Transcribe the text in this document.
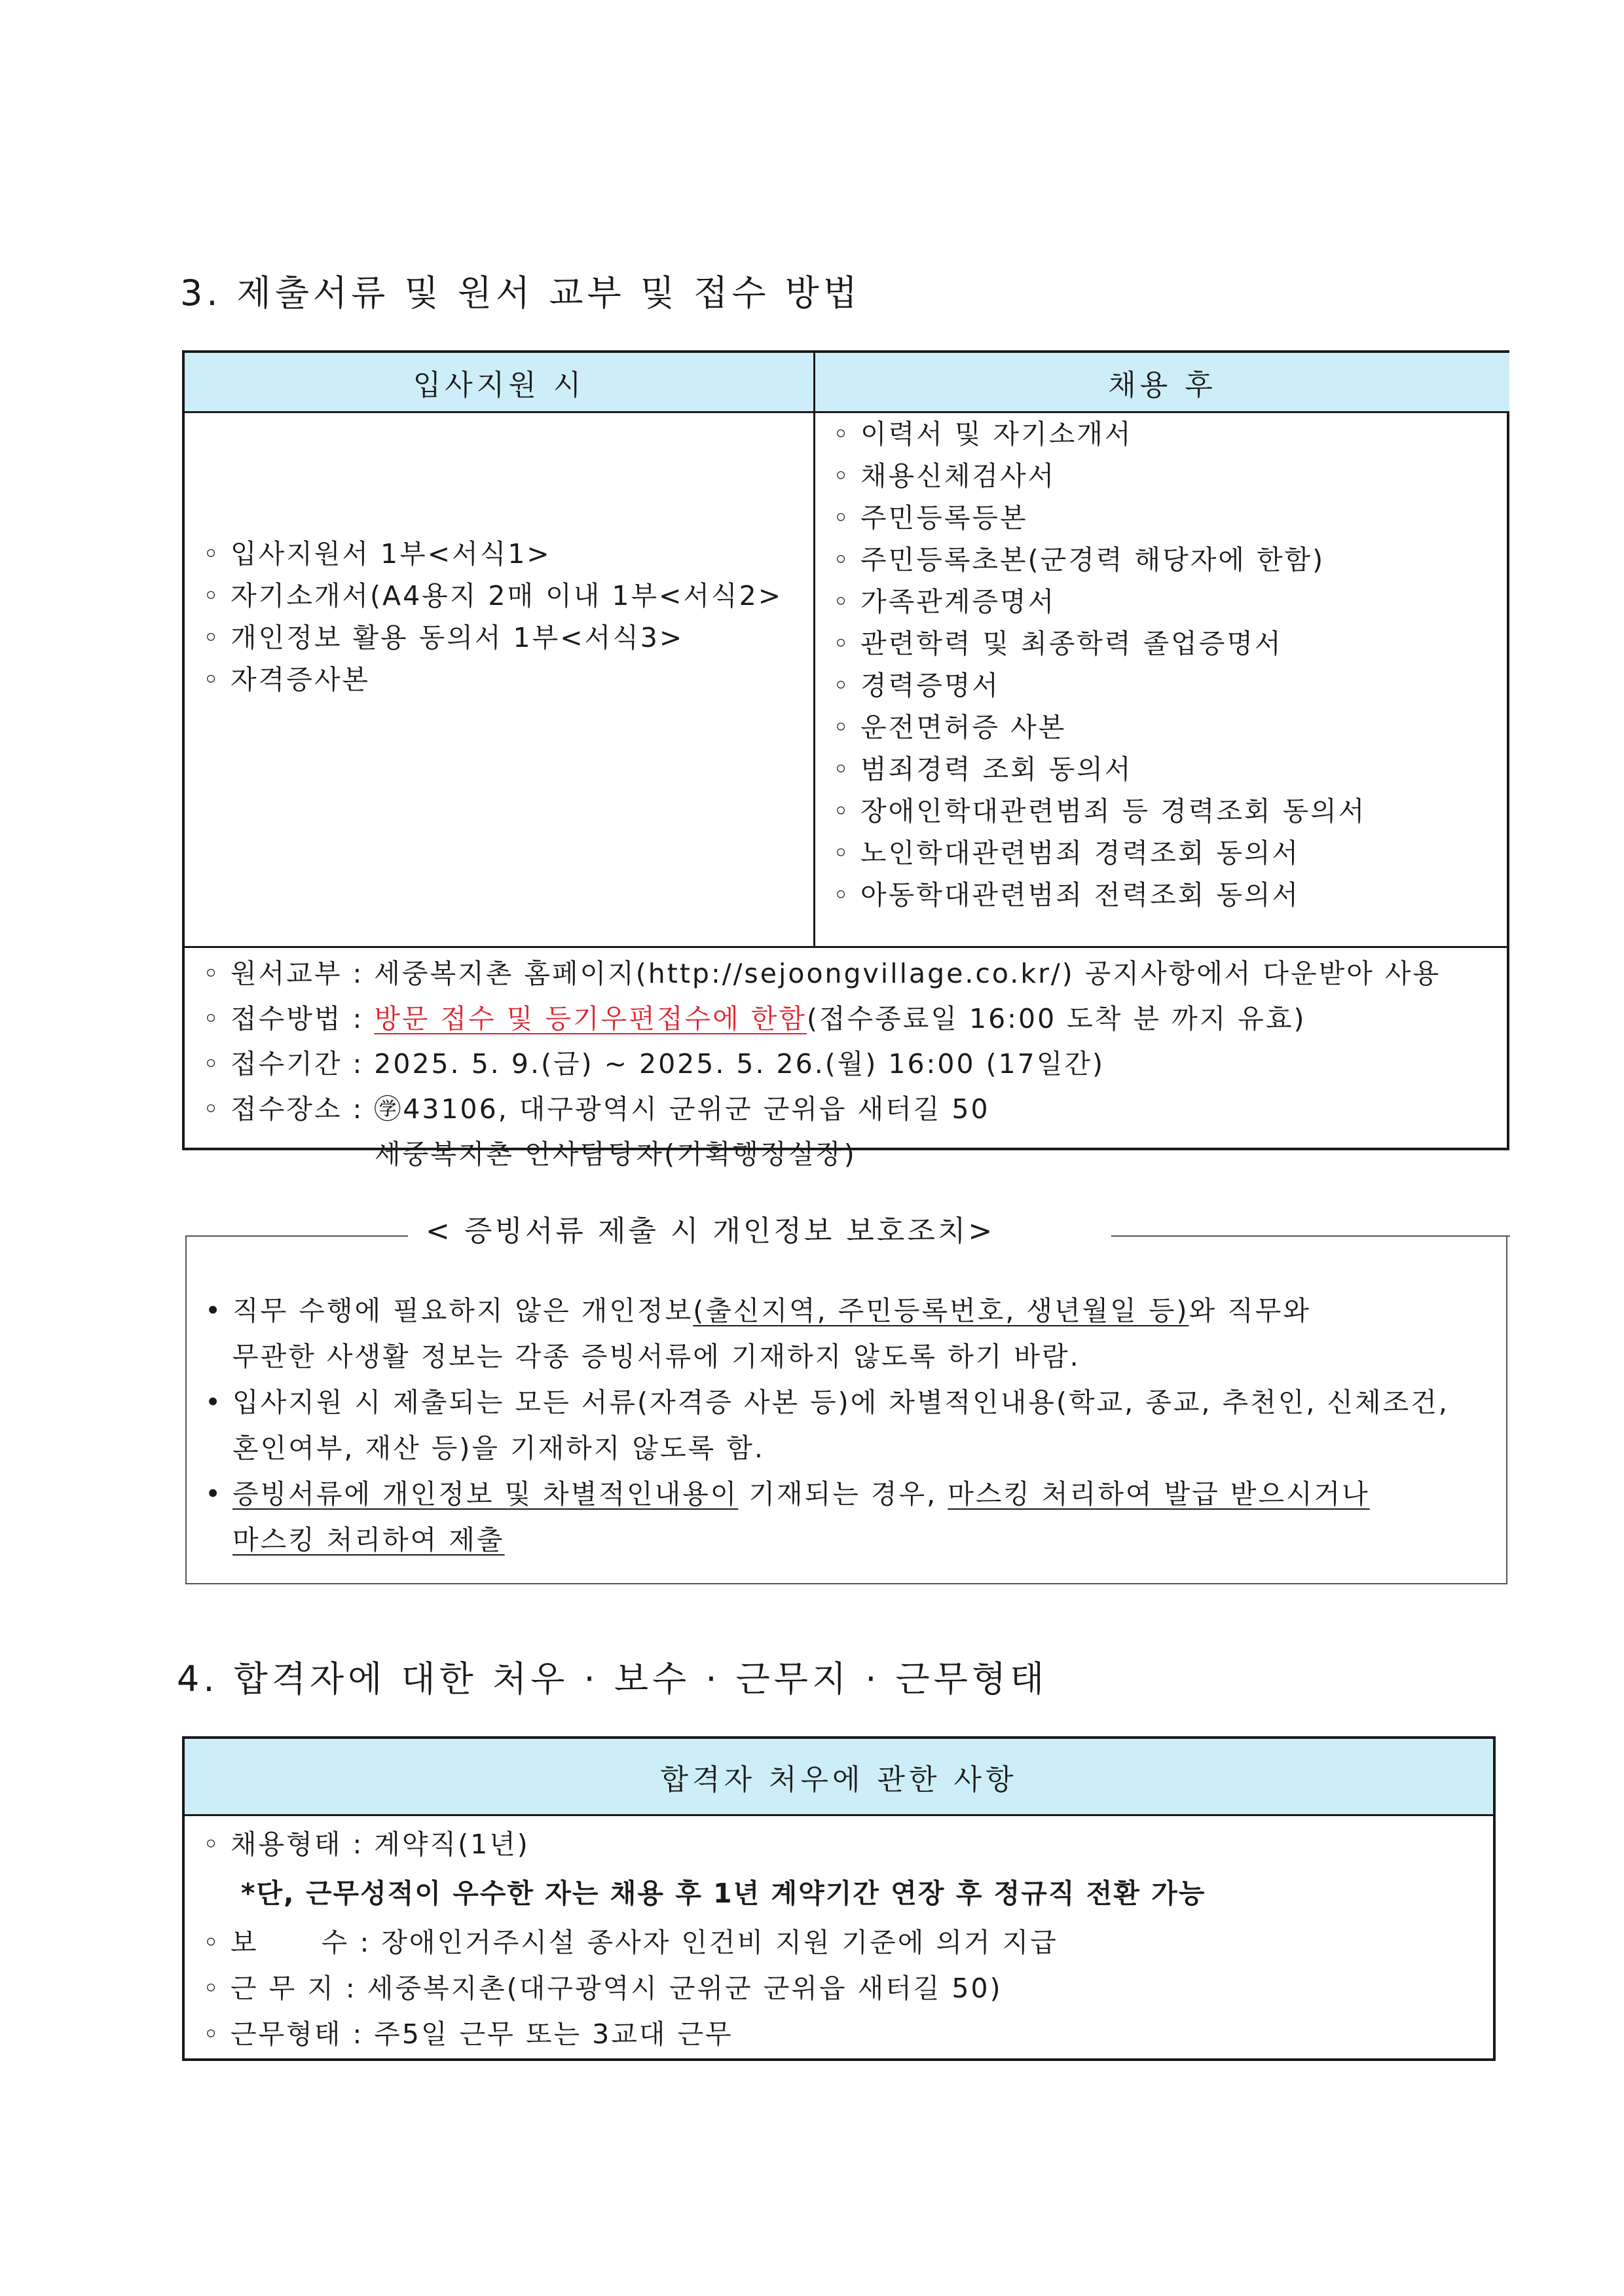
3. 제출서류 및 원서 교부 및 접수 방법
입사지원 시	채용 후
◦ 입사지원서 1부<서식1>
◦ 자기소개서(A4용지 2매 이내 1부<서식2>
◦ 개인정보 활용 동의서 1부<서식3>
◦ 자격증사본
◦ 이력서 및 자기소개서
◦ 채용신체검사서
◦ 주민등록등본
◦ 주민등록초본(군경력 해당자에 한함)
◦ 가족관계증명서
◦ 관련학력 및 최종학력 졸업증명서
◦ 경력증명서
◦ 운전면허증 사본
◦ 범죄경력 조회 동의서
◦ 장애인학대관련범죄 등 경력조회 동의서
◦ 노인학대관련범죄 경력조회 동의서
◦ 아동학대관련범죄 전력조회 동의서
◦ 원서교부 : 세중복지촌 홈페이지(http://sejoongvillage.co.kr/) 공지사항에서 다운받아 사용
◦ 접수방법 : 방문 접수 및 등기우편접수에 한함(접수종료일 16:00 도착 분 까지 유효)
◦ 접수기간 : 2025. 5. 9.(금) ~ 2025. 5. 26.(월) 16:00 (17일간)
◦ 접수장소 : ㊫43106, 대구광역시 군위군 군위읍 새터길 50
세중복지촌 인사담당자(기획행정실장)
< 증빙서류 제출 시 개인정보 보호조치>
• 직무 수행에 필요하지 않은 개인정보(출신지역, 주민등록번호, 생년월일 등)와 직무와
무관한 사생활 정보는 각종 증빙서류에 기재하지 않도록 하기 바람.
• 입사지원 시 제출되는 모든 서류(자격증 사본 등)에 차별적인내용(학교, 종교, 추천인, 신체조건,
혼인여부, 재산 등)을 기재하지 않도록 함.
• 증빙서류에 개인정보 및 차별적인내용이 기재되는 경우, 마스킹 처리하여 발급 받으시거나
마스킹 처리하여 제출
4. 합격자에 대한 처우 · 보수 · 근무지 · 근무형태
합격자 처우에 관한 사항
◦ 채용형태 : 계약직(1년)
*단, 근무성적이 우수한 자는 채용 후 1년 계약기간 연장 후 정규직 전환 가능
◦ 보      수 : 장애인거주시설 종사자 인건비 지원 기준에 의거 지급
◦ 근 무 지 : 세중복지촌(대구광역시 군위군 군위읍 새터길 50)
◦ 근무형태 : 주5일 근무 또는 3교대 근무
